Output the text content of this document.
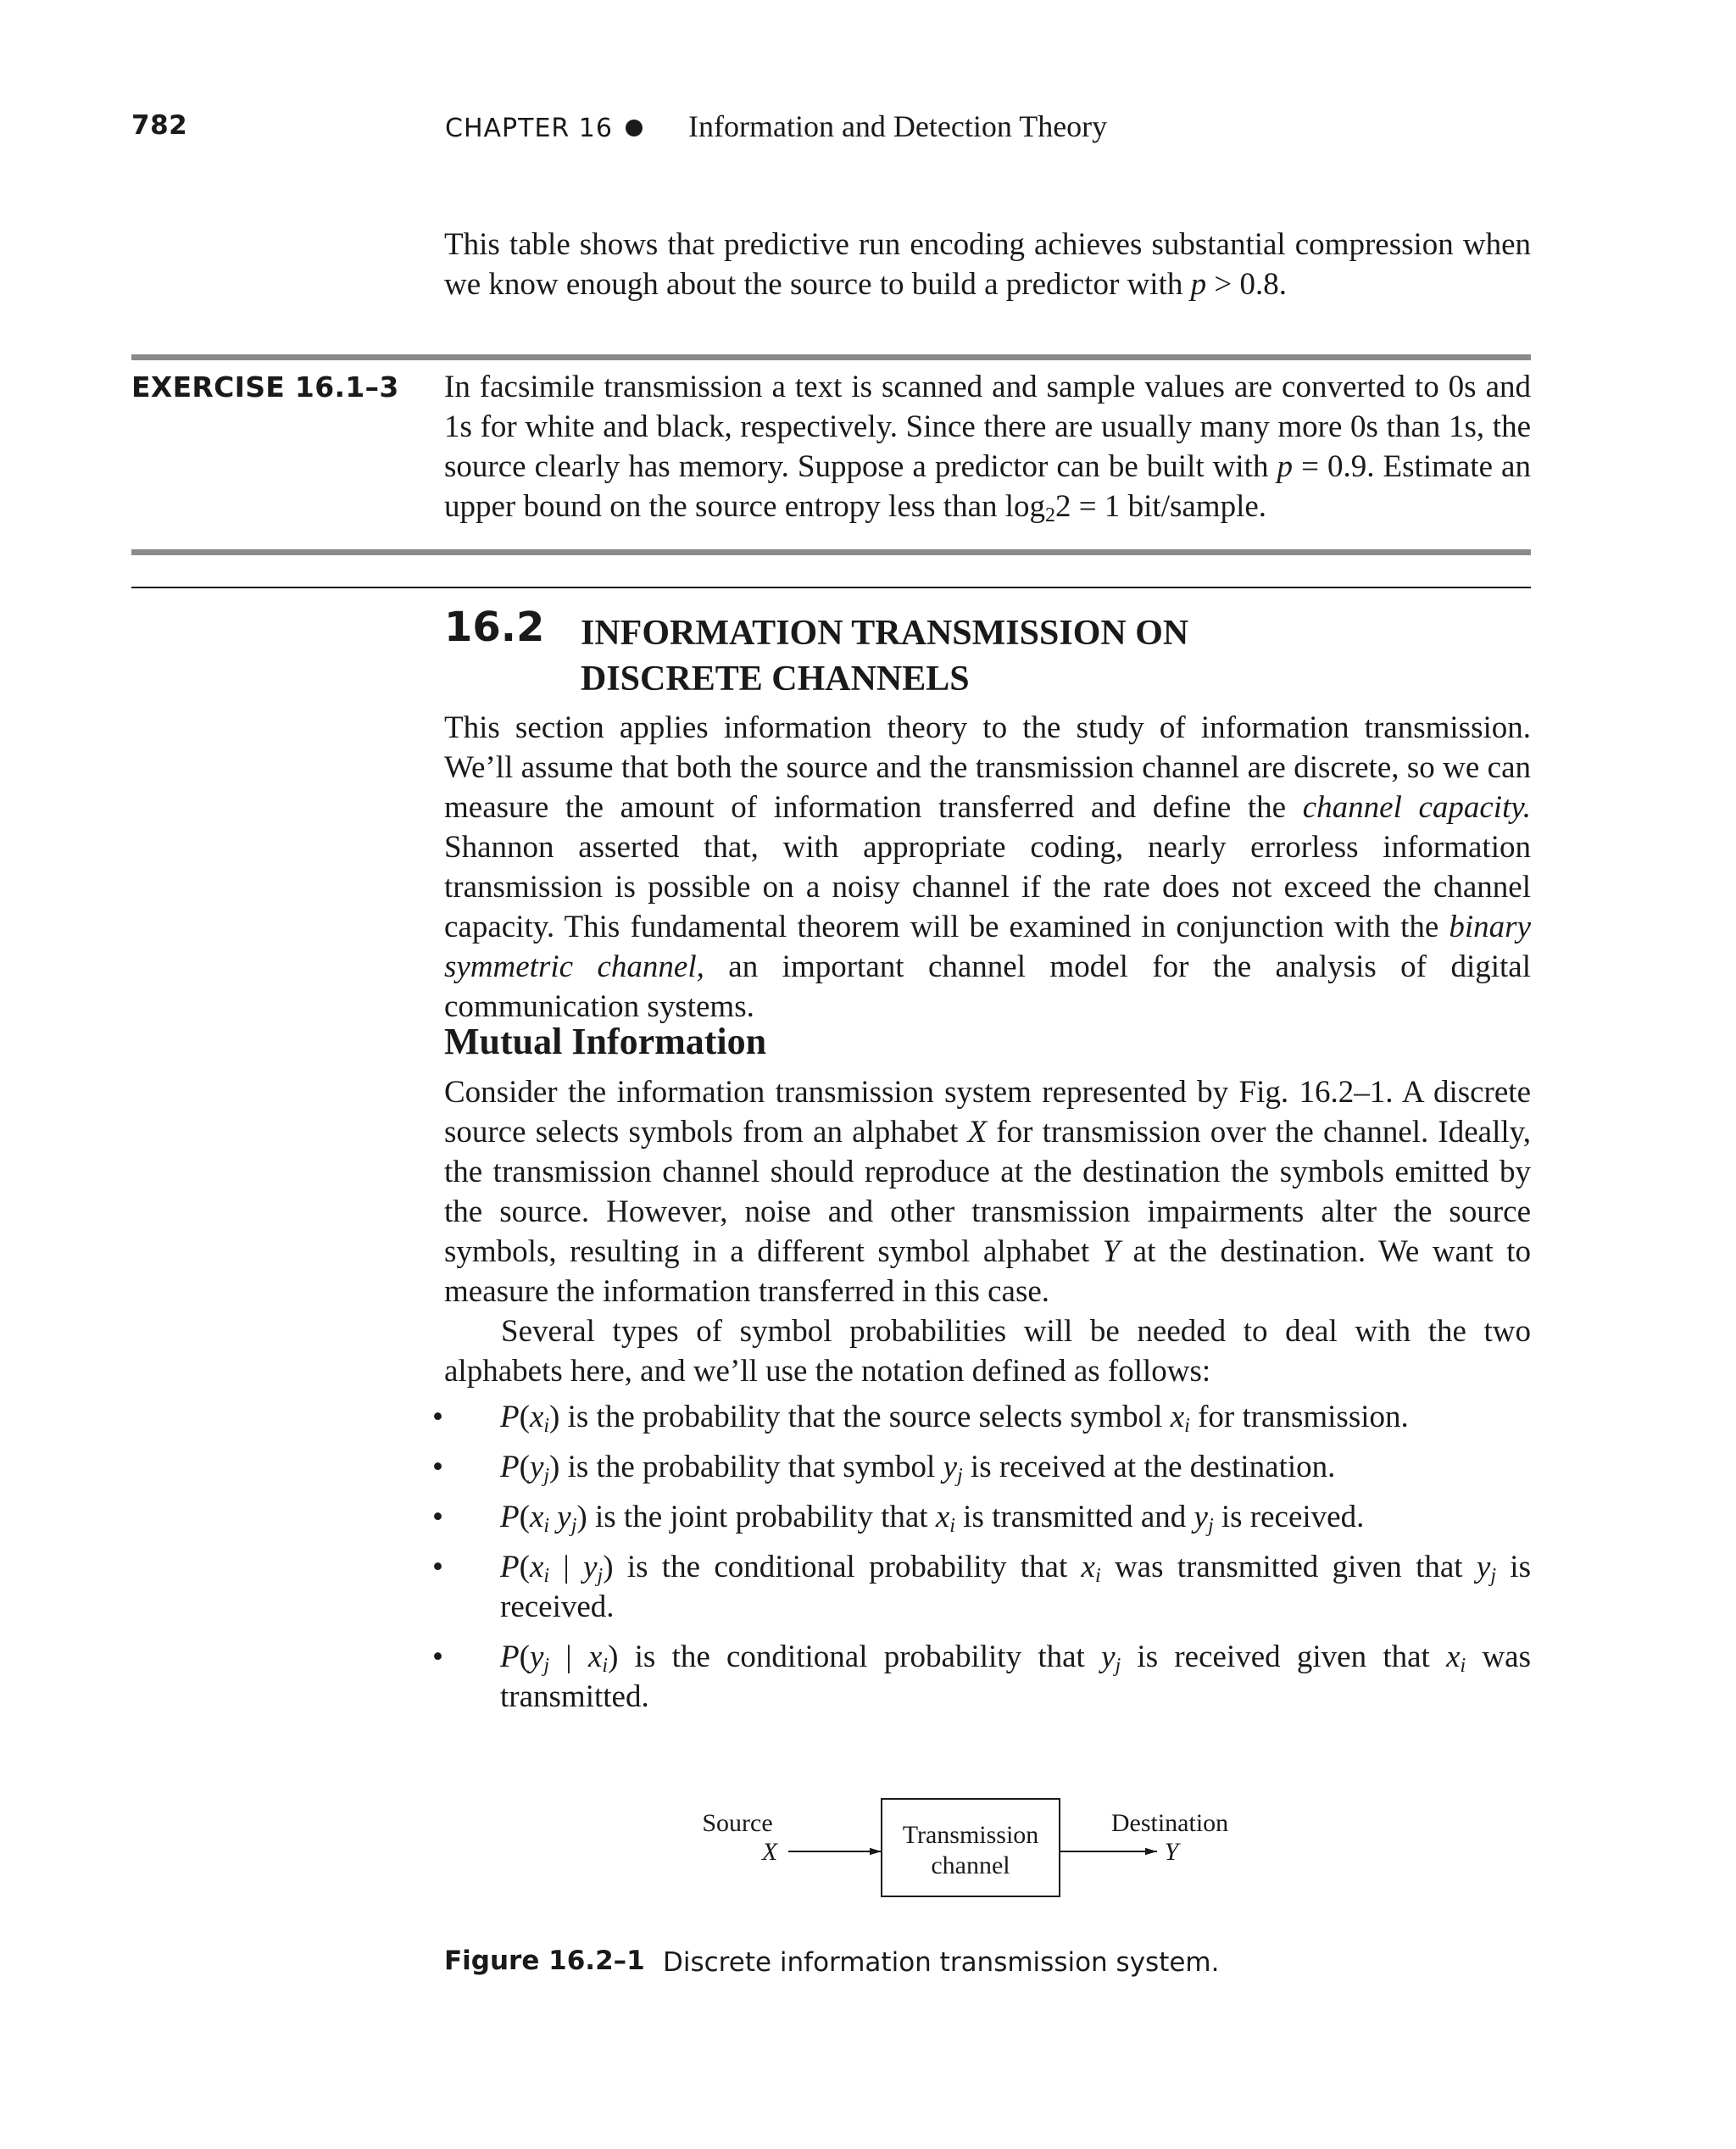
782	CHAPTER 16 Information and Detection Theory

This table shows that predictive run encoding achieves substantial compression when we know enough about the source to build a predictor with p > 0.8.

EXERCISE 16.1–3 In facsimile transmission a text is scanned and sample values are converted to 0s and 1s for white and black, respectively. Since there are usually many more 0s than 1s, the source clearly has memory. Suppose a predictor can be built with p = 0.9. Estimate an upper bound on the source entropy less than $\log_22 = 1$ bit/sample.

16.2 INFORMATION TRANSMISSION ON
DISCRETE CHANNELS

This section applies information theory to the study of information transmission. We’ll assume that both the source and the transmission channel are discrete, so we can measure the amount of information transferred and define the channel capacity. Shannon asserted that, with appropriate coding, nearly errorless information transmission is possible on a noisy channel if the rate does not exceed the channel capacity. This fundamental theorem will be examined in conjunction with the binary symmetric channel, an important channel model for the analysis of digital communication systems.

Mutual Information

Consider the information transmission system represented by Fig. 16.2–1. A discrete source selects symbols from an alphabet X for transmission over the channel. Ideally, the transmission channel should reproduce at the destination the symbols emitted by the source. However, noise and other transmission impairments alter the source symbols, resulting in a different symbol alphabet Y at the destination. We want to measure the information transferred in this case.

Several types of symbol probabilities will be needed to deal with the two alphabets here, and we’ll use the notation defined as follows:

• $P(x_i)$ is the probability that the source selects symbol $x_i$ for transmission.
• $P(y_j)$ is the probability that symbol $y_j$ is received at the destination.
• $P(x_i$ $y_j$) is the joint probability that $x_i$ is transmitted and $y_j$ is received.
• $P(x_i$ | $y_j$) is the conditional probability that $x_i$ was transmitted given that $y_j$ is received.
• $P(y_j$ | $x_i$) is the conditional probability that $y_j$ is received given that $x_i$ was transmitted.
Source
X
Transmission
channel
Destination
Y
Figure 16.2–1 Discrete information transmission system.
